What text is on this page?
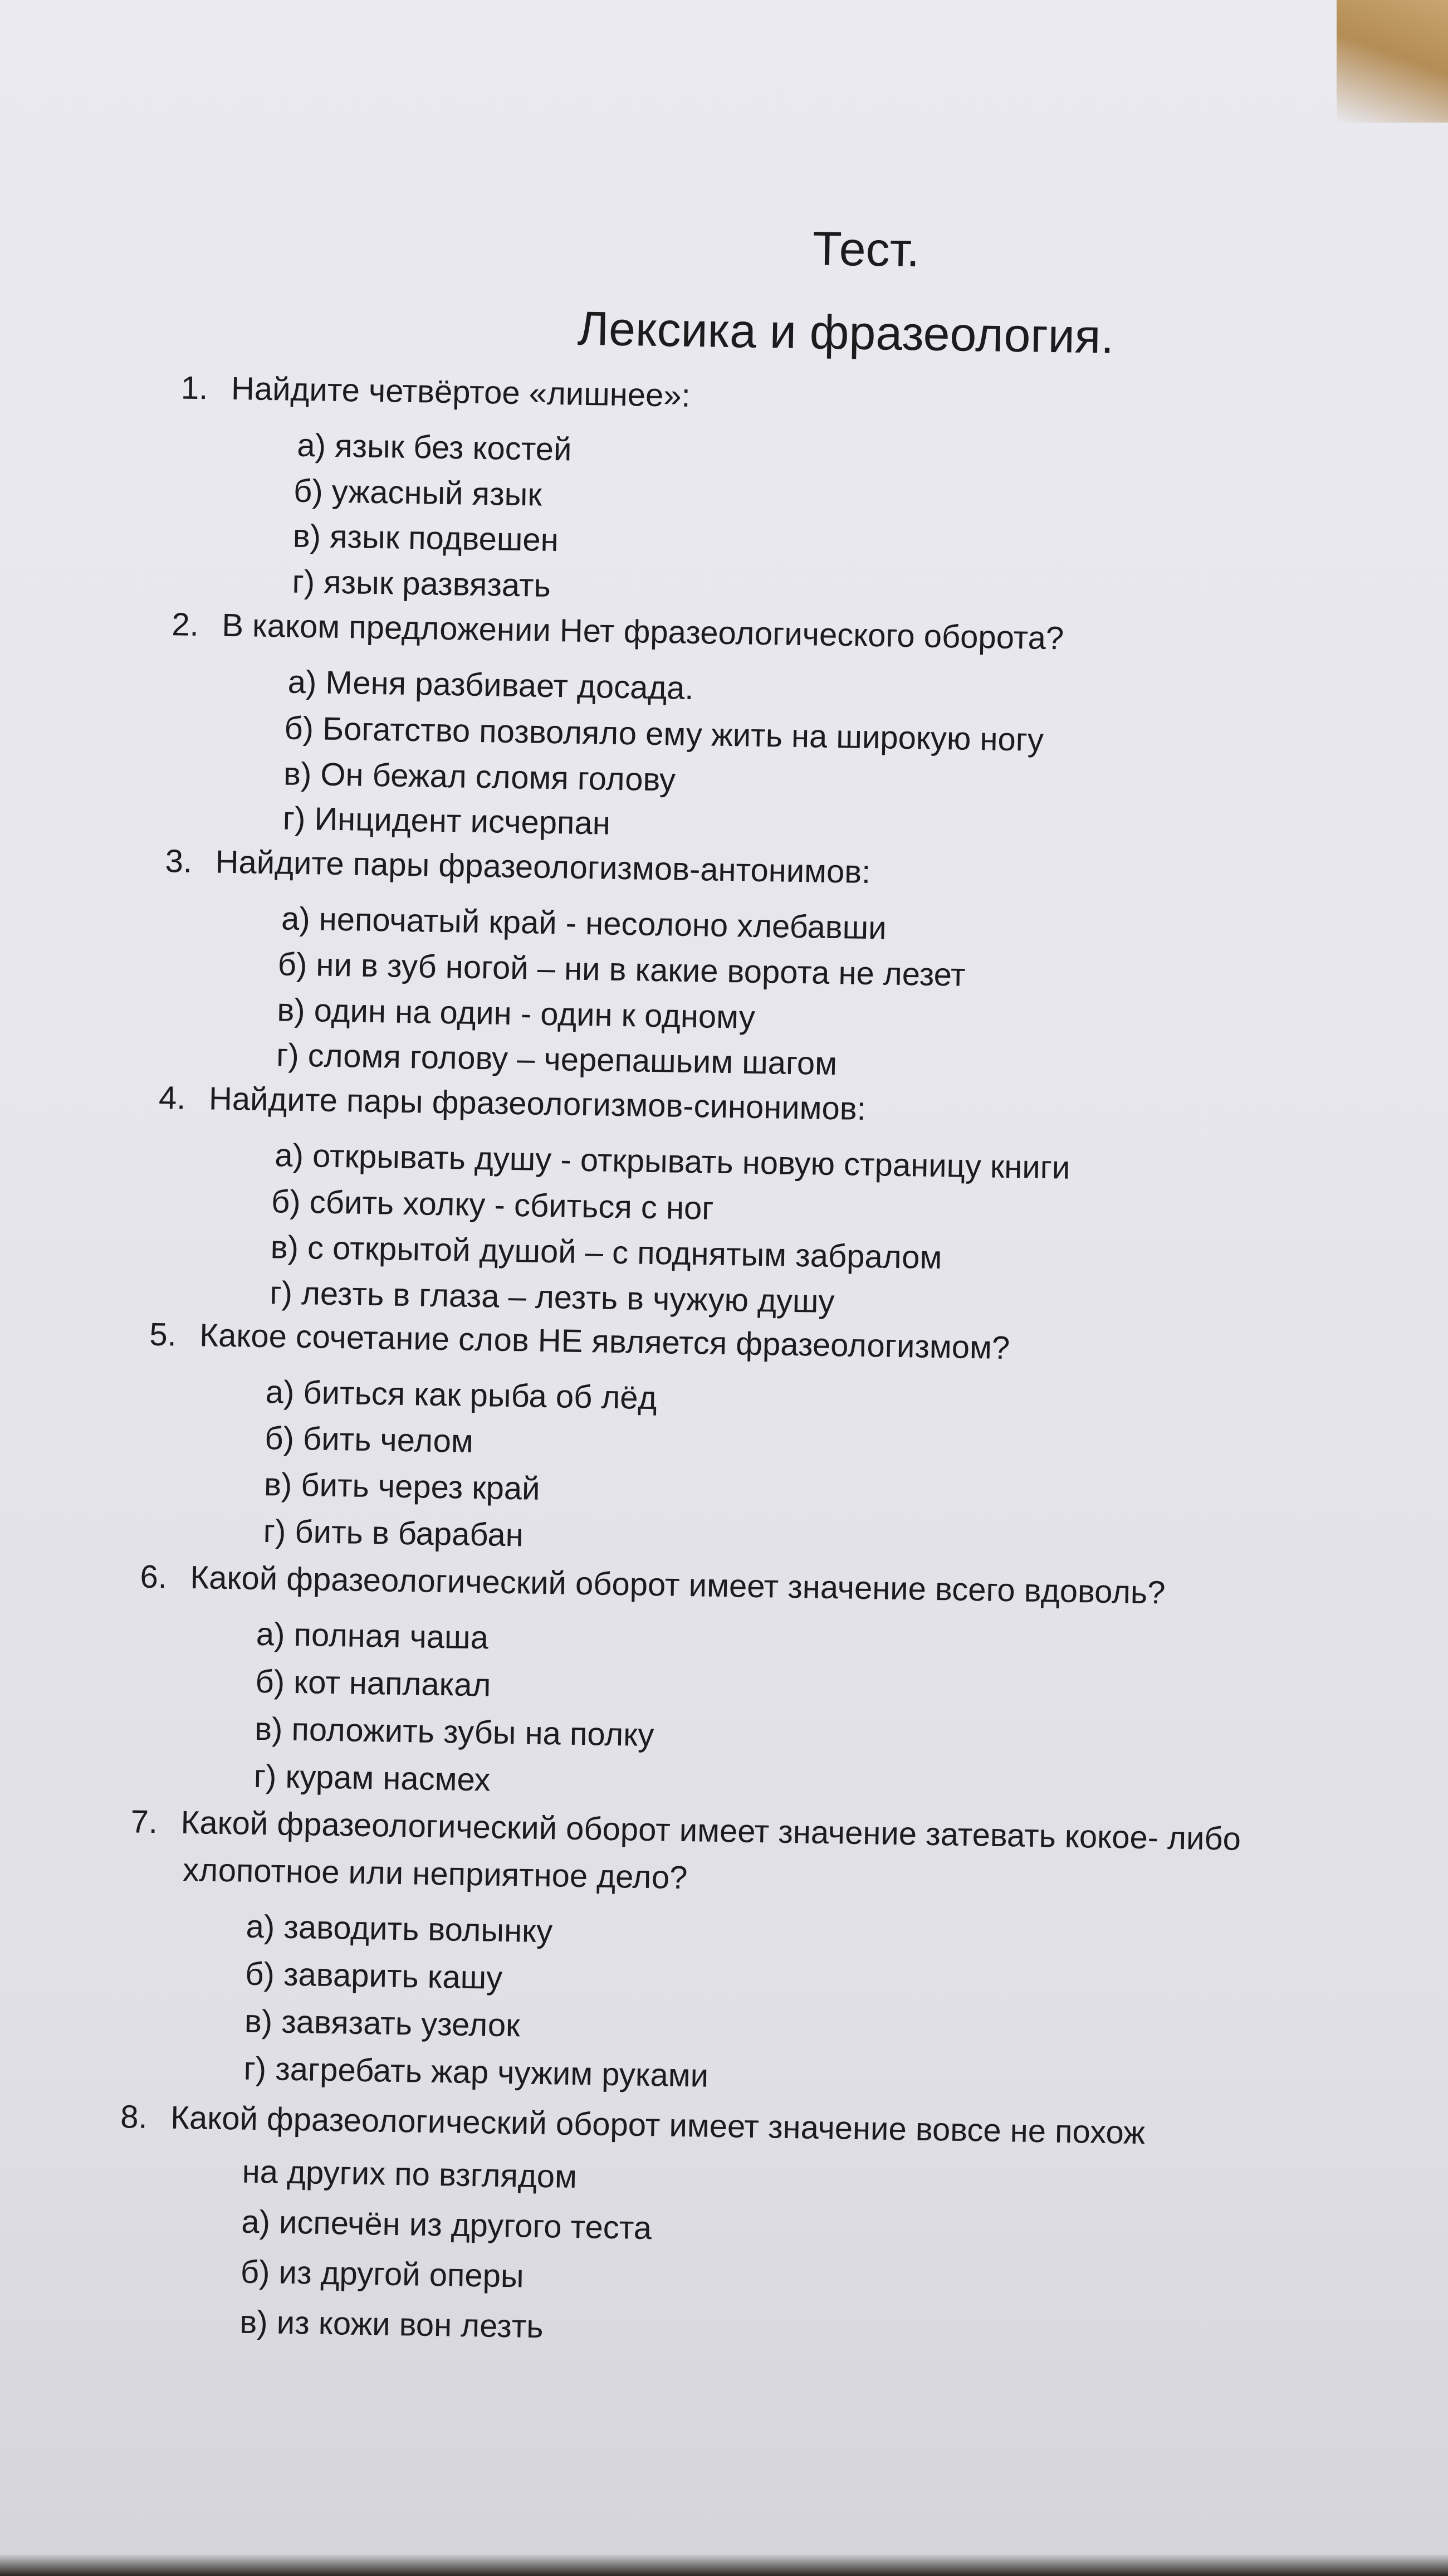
Тест.
Лексика и фразеология.
1. Найдите четвёртое «лишнее»:
а) язык без костей
б) ужасный язык
в) язык подвешен
г) язык развязать
2. В каком предложении Нет фразеологического оборота?
а) Меня разбивает досада.
б) Богатство позволяло ему жить на широкую ногу
в) Он бежал сломя голову
г) Инцидент исчерпан
3. Найдите пары фразеологизмов-антонимов:
а) непочатый край - несолоно хлебавши
б) ни в зуб ногой – ни в какие ворота не лезет
в) один на один - один к одному
г) сломя голову – черепашьим шагом
4. Найдите пары фразеологизмов-синонимов:
а) открывать душу - открывать новую страницу книги
б) сбить холку - сбиться с ног
в) с открытой душой – с поднятым забралом
г) лезть в глаза – лезть в чужую душу
5. Какое сочетание слов НЕ является фразеологизмом?
а) биться как рыба об лёд
б) бить челом
в) бить через край
г) бить в барабан
6. Какой фразеологический оборот имеет значение всего вдоволь?
а) полная чаша
б) кот наплакал
в) положить зубы на полку
г) курам насмех
7. Какой фразеологический оборот имеет значение затевать кокое- либо
хлопотное или неприятное дело?
а) заводить волынку
б) заварить кашу
в) завязать узелок
г) загребать жар чужим руками
8. Какой фразеологический оборот имеет значение вовсе не похож
на других по взглядом
а) испечён из другого теста
б) из другой оперы
в) из кожи вон лезть
